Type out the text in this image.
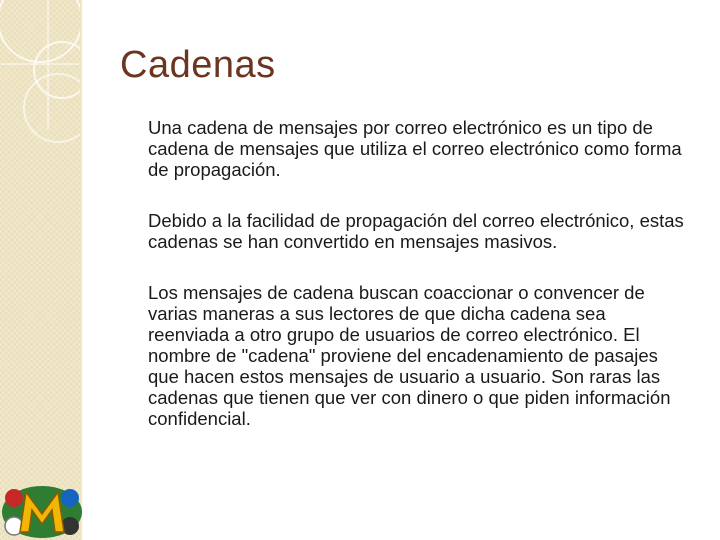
Cadenas

Una cadena de mensajes por correo electrónico es un tipo de cadena de mensajes que utiliza el correo electrónico como forma de propagación.

Debido a la facilidad de propagación del correo electrónico, estas cadenas se han convertido en mensajes masivos.

Los mensajes de cadena buscan coaccionar o convencer de varias maneras a sus lectores de que dicha cadena sea reenviada a otro grupo de usuarios de correo electrónico. El nombre de "cadena" proviene del encadenamiento de pasajes que hacen estos mensajes de usuario a usuario. Son raras las cadenas que tienen que ver con dinero o que piden información confidencial.
